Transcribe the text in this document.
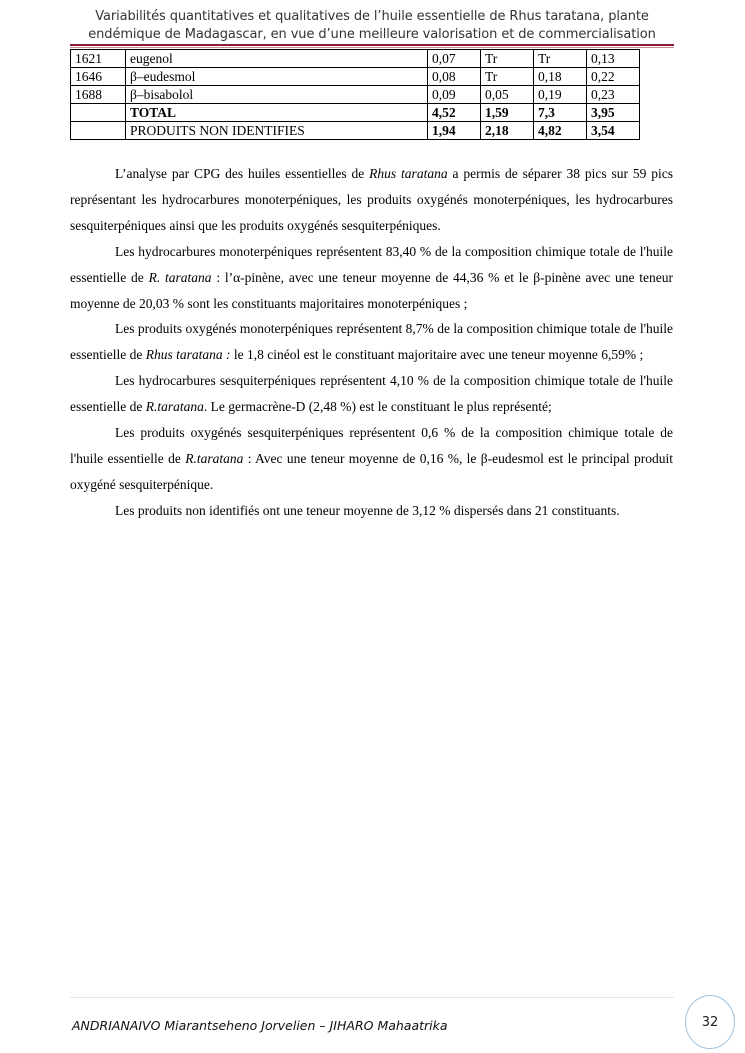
Variabilités quantitatives et qualitatives de l’huile essentielle de Rhus taratana, plante
endémique de Madagascar, en vue d’une meilleure valorisation et de commercialisation
1621	eugenol	0,07	Tr	Tr	0,13
1646	β–eudesmol	0,08	Tr	0,18	0,22
1688	β–bisabolol	0,09	0,05	0,19	0,23
	TOTAL	4,52	1,59	7,3	3,95
	PRODUITS NON IDENTIFIES	1,94	2,18	4,82	3,54

L’analyse par CPG des huiles essentielles de Rhus taratana a permis de séparer 38 pics sur 59 pics représentant les hydrocarbures monoterpéniques, les produits oxygénés monoterpéniques, les hydrocarbures sesquiterpéniques ainsi que les produits oxygénés sesquiterpéniques.

Les hydrocarbures monoterpéniques représentent 83,40 % de la composition chimique totale de l'huile essentielle de R. taratana : l’α-pinène, avec une teneur moyenne de 44,36 % et le β-pinène avec une teneur moyenne de 20,03 % sont les constituants majoritaires monoterpéniques ;

Les produits oxygénés monoterpéniques représentent 8,7% de la composition chimique totale de l'huile essentielle de Rhus taratana : le 1,8 cinéol est le constituant majoritaire avec une teneur moyenne 6,59% ;

Les hydrocarbures sesquiterpéniques représentent 4,10 % de la composition chimique totale de l'huile essentielle de R.taratana. Le germacrène-D (2,48 %) est le constituant le plus représenté;

Les produits oxygénés sesquiterpéniques représentent 0,6 % de la composition chimique totale de l'huile essentielle de R.taratana : Avec une teneur moyenne de 0,16 %, le β-eudesmol est le principal produit oxygéné sesquiterpénique.

Les produits non identifiés ont une teneur moyenne de 3,12 % dispersés dans 21 constituants.

ANDRIANAIVO Miarantseheno Jorvelien – JIHARO Mahaatrika	32
